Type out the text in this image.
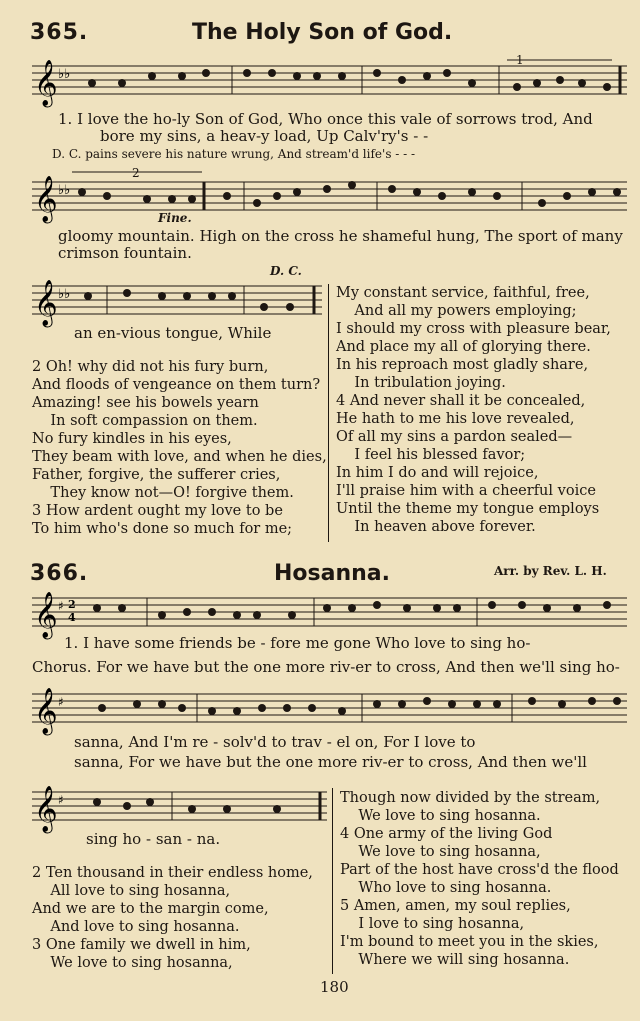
365.	The Holy Son of God.
𝄞 ♭♭
1
1. I love the ho-ly Son of God, Who once this vale of sorrows trod, And
bore my sins, a heav-y load, Up Calv'ry's - -
D. C. pains severe his nature wrung, And stream'd life's - - -
𝄞 ♭♭
2
Fine.
gloomy mountain. High on the cross he shameful hung, The sport of many
crimson fountain.
𝄞 ♭♭
D. C.
an en-vious tongue, While
2 Oh! why did not his fury burn,
And floods of vengeance on them turn?
Amazing! see his bowels yearn
In soft compassion on them.
No fury kindles in his eyes,
They beam with love, and when he dies,
Father, forgive, the sufferer cries,
They know not—O! forgive them.
3 How ardent ought my love to be
To him who's done so much for me;
My constant service, faithful, free,
And all my powers employing;
I should my cross with pleasure bear,
And place my all of glorying there.
In his reproach most gladly share,
In tribulation joying.
4 And never shall it be concealed,
He hath to me his love revealed,
Of all my sins a pardon sealed—
I feel his blessed favor;
In him I do and will rejoice,
I'll praise him with a cheerful voice
Until the theme my tongue employs
In heaven above forever.
366.	Hosanna.	Arr. by Rev. L. H.
𝄞 ♯ 2
4
1. I have some friends be - fore me gone Who love to sing ho-
Chorus. For we have but the one more riv-er to cross, And then we'll sing ho-
𝄞 ♯
sanna, And I'm re - solv'd to trav - el on, For I love to
sanna, For we have but the one more riv-er to cross, And then we'll
𝄞 ♯
sing ho - san - na.
2 Ten thousand in their endless home,
All love to sing hosanna,
And we are to the margin come,
And love to sing hosanna.
3 One family we dwell in him,
We love to sing hosanna,
Though now divided by the stream,
We love to sing hosanna.
4 One army of the living God
We love to sing hosanna,
Part of the host have cross'd the flood
Who love to sing hosanna.
5 Amen, amen, my soul replies,
I love to sing hosanna,
I'm bound to meet you in the skies,
Where we will sing hosanna.
180
